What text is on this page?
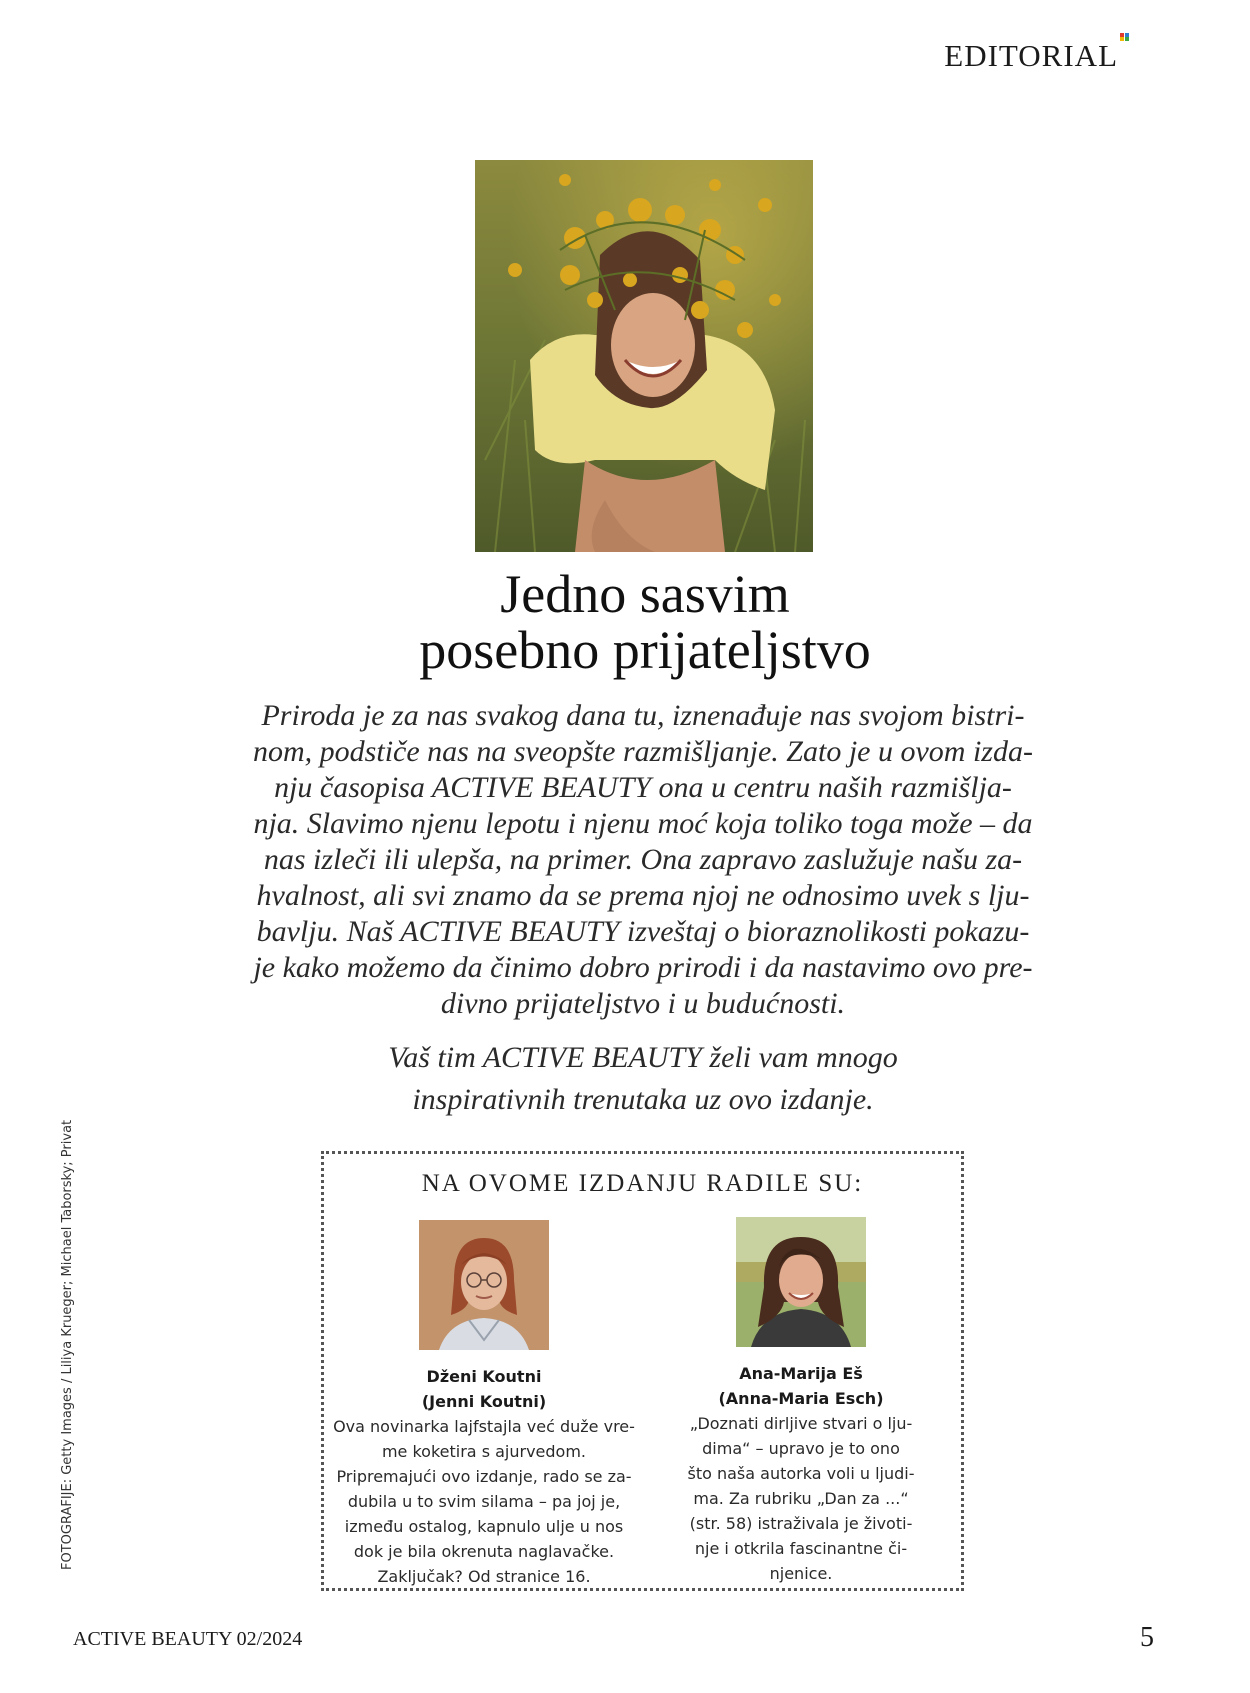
EDITORIAL
Jedno sasvim
posebno prijateljstvo

Priroda je za nas svakog dana tu, iznenađuje nas svojom bistri-
nom, podstiče nas na sveopšte razmišljanje. Zato je u ovom izda-
nju časopisa ACTIVE BEAUTY ona u centru naših razmišlja-
nja. Slavimo njenu lepotu i njenu moć koja toliko toga može – da
nas izleči ili ulepša, na primer. Ona zapravo zaslužuje našu za-
hvalnost, ali svi znamo da se prema njoj ne odnosimo uvek s lju-
bavlju. Naš ACTIVE BEAUTY izveštaj o bioraznolikosti pokazu-
je kako možemo da činimo dobro prirodi i da nastavimo ovo pre-
divno prijateljstvo i u budućnosti.

Vaš tim ACTIVE BEAUTY želi vam mnogo
inspirativnih trenutaka uz ovo izdanje.

FOTOGRAFIJE: Getty Images / Liliya Krueger; Michael Taborsky; Privat	NA OVOME IZDANJU RADILE SU:
Dženi Koutni
(Jenni Koutni)
Ova novinarka lajfstajla već duže vre-
me koketira s ajurvedom.
Pripremajući ovo izdanje, rado se za-
dubila u to svim silama – pa joj je,
između ostalog, kapnulo ulje u nos
dok je bila okrenuta naglavačke.
Zaključak? Od stranice 16.
Ana-Marija Eš
(Anna-Maria Esch)
„Doznati dirljive stvari o lju-
dima“ – upravo je to ono
što naša autorka voli u ljudi-
ma. Za rubriku „Dan za ...“
(str. 58) istraživala je životi-
nje i otkrila fascinantne či-
njenice.
ACTIVE BEAUTY 02/2024	5
